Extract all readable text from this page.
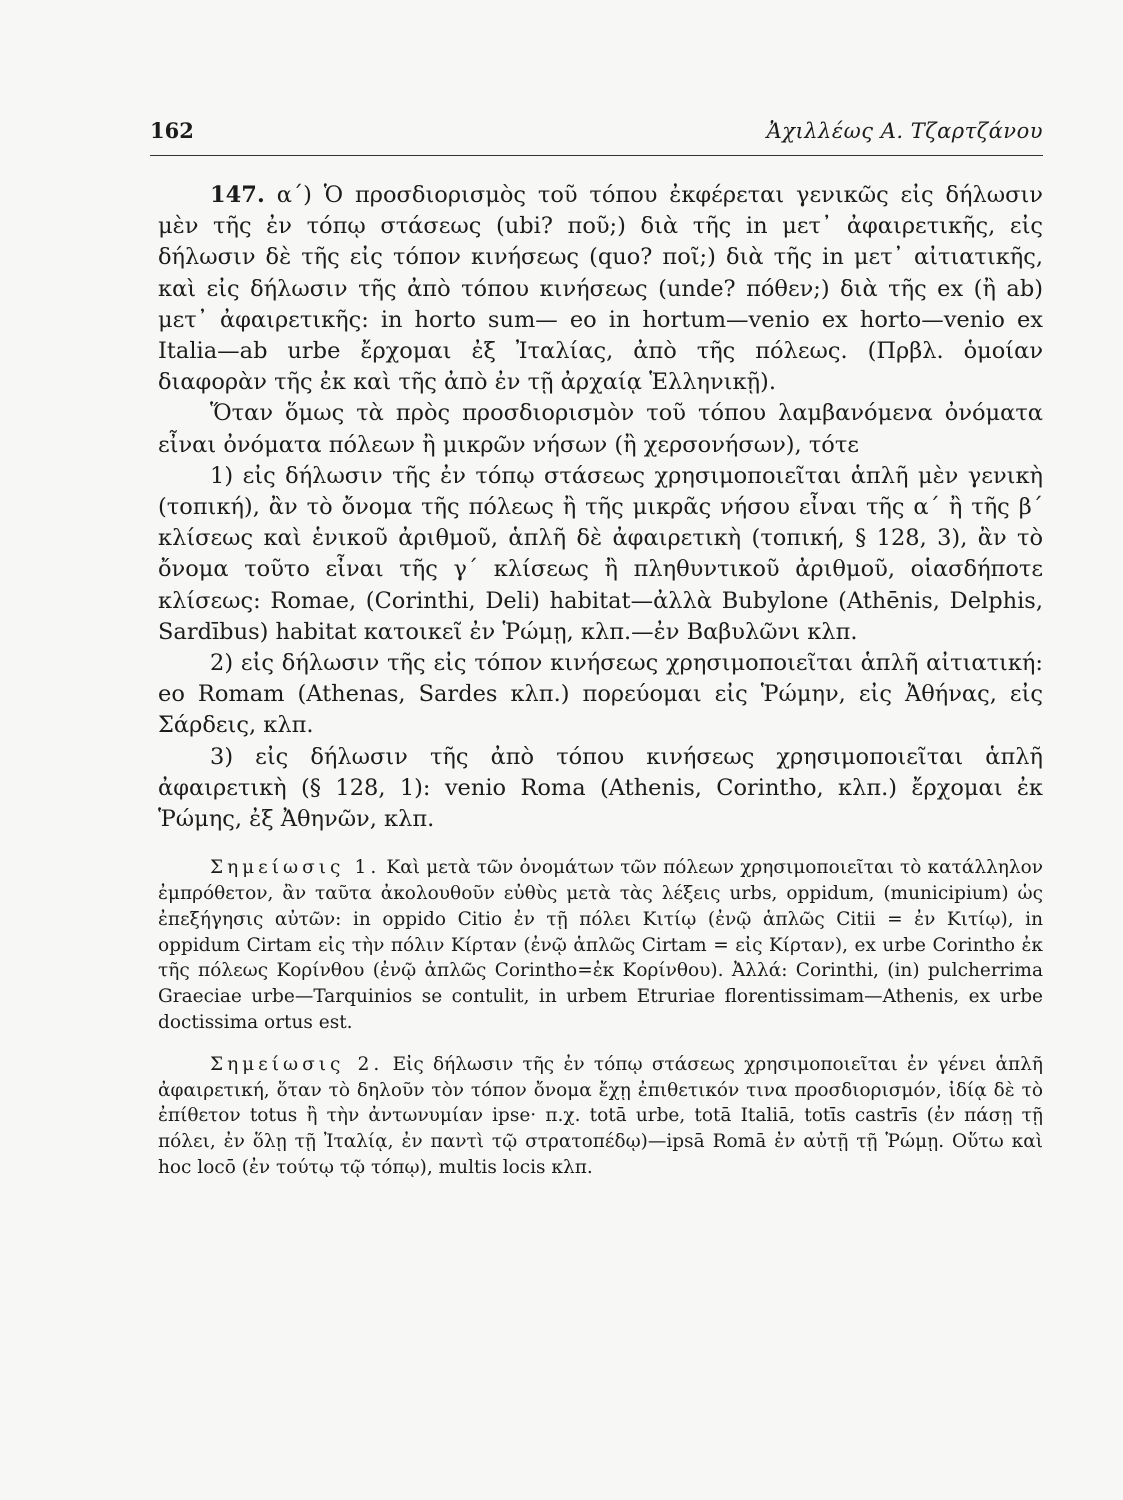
162	Ἀχιλλέως Α. Τζαρτζάνου

147. α΄) Ὁ προσδιορισμὸς τοῦ τόπου ἐκφέρεται γενικῶς εἰς δήλωσιν μὲν τῆς ἐν τόπῳ στάσεως (ubi? ποῦ;) διὰ τῆς in μετ᾽ ἀφαιρετικῆς, εἰς δήλωσιν δὲ τῆς εἰς τόπον κινήσεως (quo? ποῖ;) διὰ τῆς in μετ᾽ αἰτιατικῆς, καὶ εἰς δήλωσιν τῆς ἀπὸ τόπου κινήσεως (unde? πόθεν;) διὰ τῆς ex (ἢ ab) μετ᾽ ἀφαιρετικῆς: in horto sum— eo in hortum—venio ex horto—venio ex Italia—ab urbe ἔρχομαι ἐξ Ἰταλίας, ἀπὸ τῆς πόλεως. (Πρβλ. ὁμοίαν διαφορὰν τῆς ἐκ καὶ τῆς ἀπὸ ἐν τῇ ἀρχαίᾳ Ἑλληνικῇ).

Ὅταν ὅμως τὰ πρὸς προσδιορισμὸν τοῦ τόπου λαμβανόμενα ὀνόματα εἶναι ὀνόματα πόλεων ἢ μικρῶν νήσων (ἢ χερσονήσων), τότε

1) εἰς δήλωσιν τῆς ἐν τόπῳ στάσεως χρησιμοποιεῖται ἁπλῆ μὲν γενικὴ (τοπική), ἂν τὸ ὄνομα τῆς πόλεως ἢ τῆς μικρᾶς νήσου εἶναι τῆς α΄ ἢ τῆς β΄ κλίσεως καὶ ἑνικοῦ ἀριθμοῦ, ἁπλῆ δὲ ἀφαιρετικὴ (τοπική, § 128, 3), ἂν τὸ ὄνομα τοῦτο εἶναι τῆς γ΄ κλίσεως ἢ πληθυντικοῦ ἀριθμοῦ, οἱασδήποτε κλίσεως: Romae, (Corinthi, Deli) habitat—ἀλλὰ Bubylone (Athēnis, Delphis, Sardībus) habitat κατοικεῖ ἐν Ῥώμῃ, κλπ.—ἐν Βαβυλῶνι κλπ.

2) εἰς δήλωσιν τῆς εἰς τόπον κινήσεως χρησιμοποιεῖται ἁπλῆ αἰτιατική: eo Romam (Athenas, Sardes κλπ.) πορεύομαι εἰς Ῥώμην, εἰς Ἀθήνας, εἰς Σάρδεις, κλπ.

3) εἰς δήλωσιν τῆς ἀπὸ τόπου κινήσεως χρησιμοποιεῖται ἁπλῆ ἀφαιρετικὴ (§ 128, 1): venio Roma (Athenis, Corintho, κλπ.) ἔρχομαι ἐκ Ῥώμης, ἐξ Ἀθηνῶν, κλπ.

Σημείωσις 1. Καὶ μετὰ τῶν ὀνομάτων τῶν πόλεων χρησιμοποιεῖται τὸ κατάλληλον ἐμπρόθετον, ἂν ταῦτα ἀκολουθοῦν εὐθὺς μετὰ τὰς λέξεις urbs, oppidum, (municipium) ὡς ἐπεξήγησις αὐτῶν: in oppido Citio ἐν τῇ πόλει Κιτίῳ (ἐνῷ ἁπλῶς Citii = ἐν Κιτίῳ), in oppidum Cirtam εἰς τὴν πόλιν Κίρταν (ἐνῷ ἁπλῶς Cirtam = εἰς Κίρταν), ex urbe Corintho ἐκ τῆς πόλεως Κορίνθου (ἐνῷ ἁπλῶς Corintho=ἐκ Κορίνθου). Ἀλλά: Corinthi, (in) pulcherrima Graeciae urbe—Tarquinios se contulit, in urbem Etruriae florentissimam—Athenis, ex urbe doctissima ortus est.

Σημείωσις 2. Εἰς δήλωσιν τῆς ἐν τόπῳ στάσεως χρησιμοποιεῖται ἐν γένει ἁπλῆ ἀφαιρετική, ὅταν τὸ δηλοῦν τὸν τόπον ὄνομα ἔχῃ ἐπιθετικόν τινα προσδιορισμόν, ἰδίᾳ δὲ τὸ ἐπίθετον totus ἢ τὴν ἀντωνυμίαν ipse· π.χ. totā urbe, totā Italiā, totīs castrīs (ἐν πάσῃ τῇ πόλει, ἐν ὅλῃ τῇ Ἰταλίᾳ, ἐν παντὶ τῷ στρατοπέδῳ)—ipsā Romā ἐν αὐτῇ τῇ Ῥώμῃ. Οὕτω καὶ hoc locō (ἐν τούτῳ τῷ τόπῳ), multis locis κλπ.
